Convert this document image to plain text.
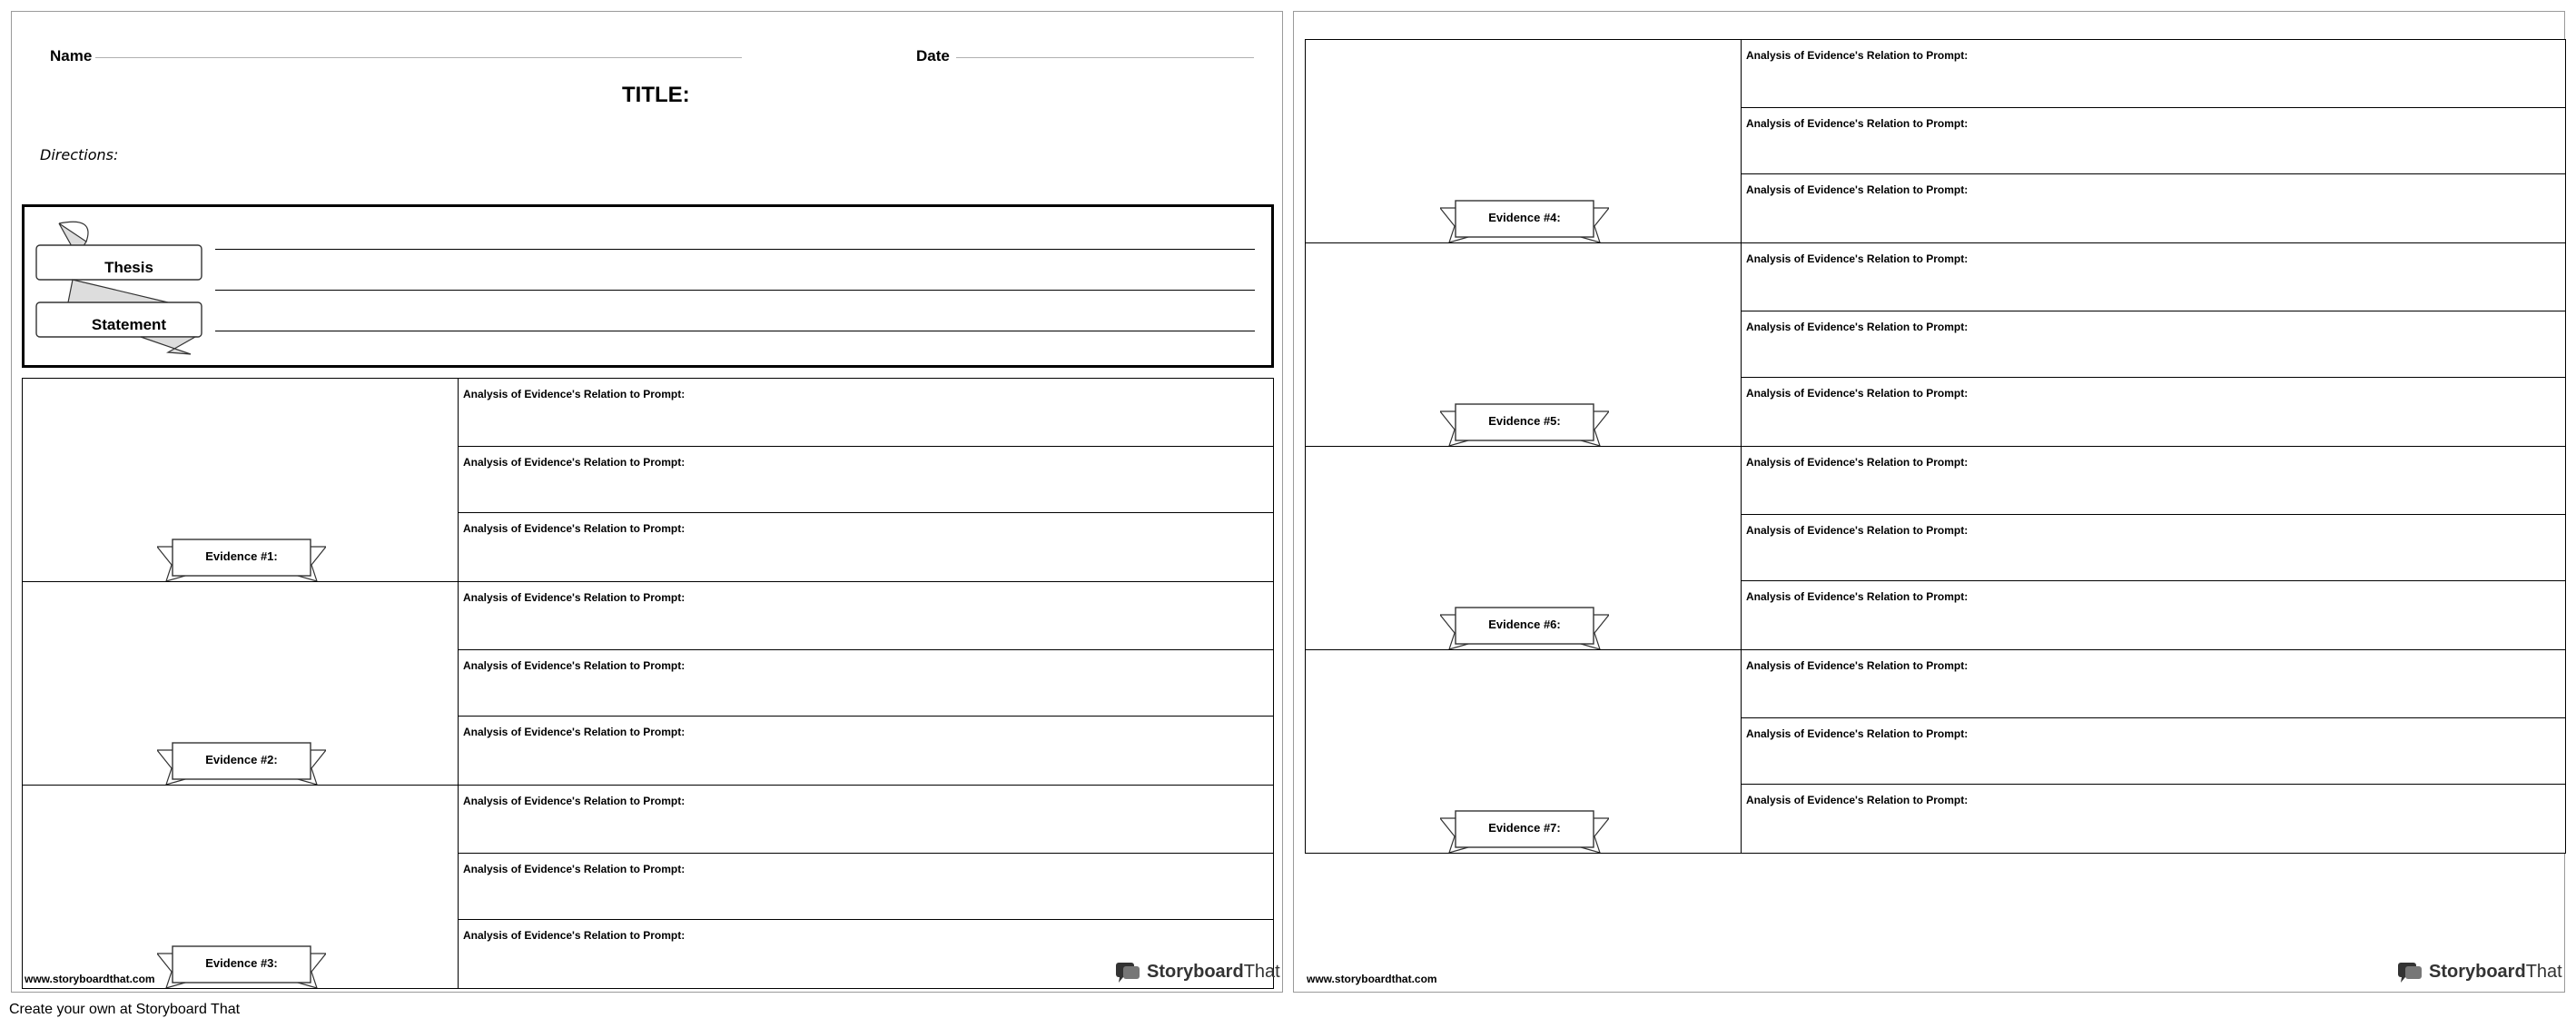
Name	Date
TITLE:
Directions:
Thesis
Statement
Evidence #1:
Analysis of Evidence's Relation to Prompt:
Analysis of Evidence's Relation to Prompt:
Analysis of Evidence's Relation to Prompt:
Evidence #2:
Analysis of Evidence's Relation to Prompt:
Analysis of Evidence's Relation to Prompt:
Analysis of Evidence's Relation to Prompt:
Evidence #3:
Analysis of Evidence's Relation to Prompt:
Analysis of Evidence's Relation to Prompt:
Analysis of Evidence's Relation to Prompt:
www.storyboardthat.com	StoryboardThat
Evidence #4:
Analysis of Evidence's Relation to Prompt:
Analysis of Evidence's Relation to Prompt:
Analysis of Evidence's Relation to Prompt:
Evidence #5:
Analysis of Evidence's Relation to Prompt:
Analysis of Evidence's Relation to Prompt:
Analysis of Evidence's Relation to Prompt:
Evidence #6:
Analysis of Evidence's Relation to Prompt:
Analysis of Evidence's Relation to Prompt:
Analysis of Evidence's Relation to Prompt:
Evidence #7:
Analysis of Evidence's Relation to Prompt:
Analysis of Evidence's Relation to Prompt:
Analysis of Evidence's Relation to Prompt:
www.storyboardthat.com	StoryboardThat
Create your own at Storyboard That
